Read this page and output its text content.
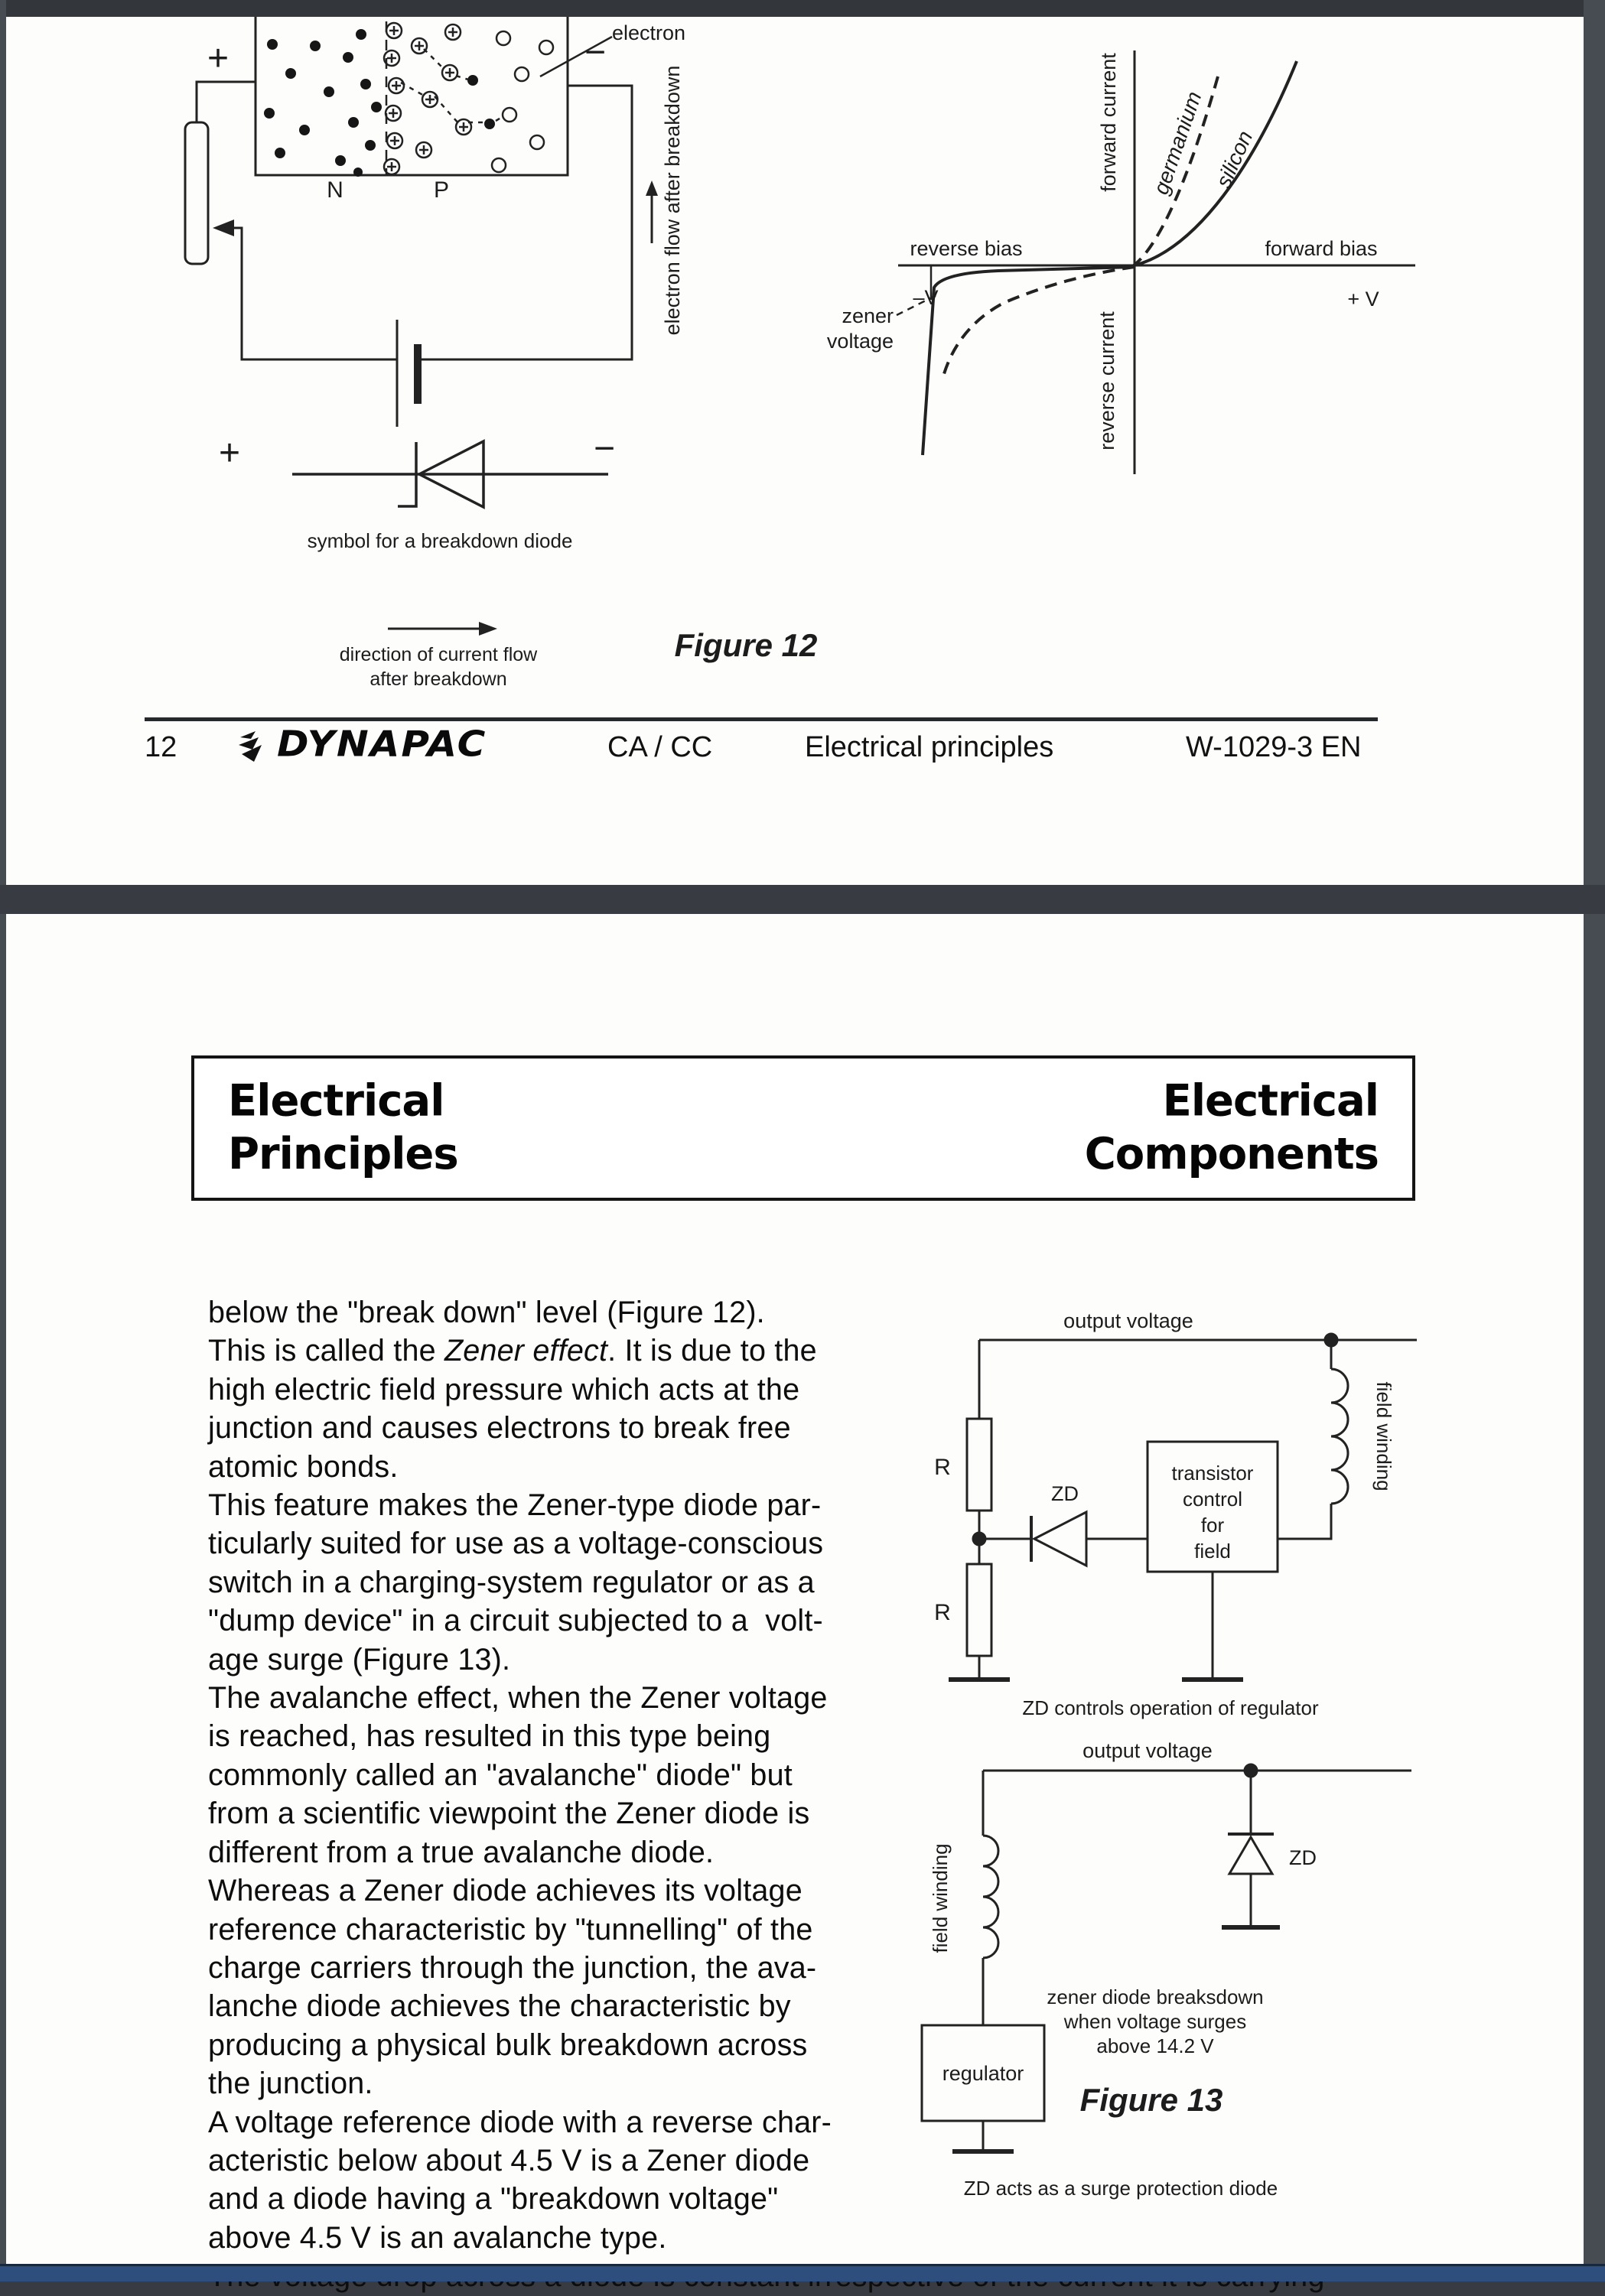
electron
N	P
+	−
electron flow after breakdown
+	−
symbol for a breakdown diode
direction of current flow
after breakdown
Figure 12
forward current
reverse current
germanium silicon
reverse bias	forward bias
–V	+ V
zener
voltage
12	DYNAPAC	CA / CC	Electrical principles	W-1029-3 EN
Electrical
Principles
Electrical
Components
below the "break down" level (Figure 12).
This is called the Zener effect. It is due to the
high electric field pressure which acts at the
junction and causes electrons to break free
atomic bonds.
This feature makes the Zener-type diode par-
ticularly suited for use as a voltage-conscious
switch in a charging-system regulator or as a
"dump device" in a circuit subjected to a  volt-
age surge (Figure 13).
The avalanche effect, when the Zener voltage
is reached, has resulted in this type being
commonly called an "avalanche" diode" but
from a scientific viewpoint the Zener diode is
different from a true avalanche diode.
Whereas a Zener diode achieves its voltage
reference characteristic by "tunnelling" of the
charge carriers through the junction, the ava-
lanche diode achieves the characteristic by
producing a physical bulk breakdown across
the junction.
A voltage reference diode with a reverse char-
acteristic below about 4.5 V is a Zener diode
and a diode having a "breakdown voltage"
above 4.5 V is an avalanche type.
output voltage
R
R
ZD
transistor
control
for
field
field winding
ZD controls operation of regulator
output voltage
field winding
regulator
ZD
zener diode breaksdown
when voltage surges
above 14.2 V
Figure 13
ZD acts as a surge protection diode
